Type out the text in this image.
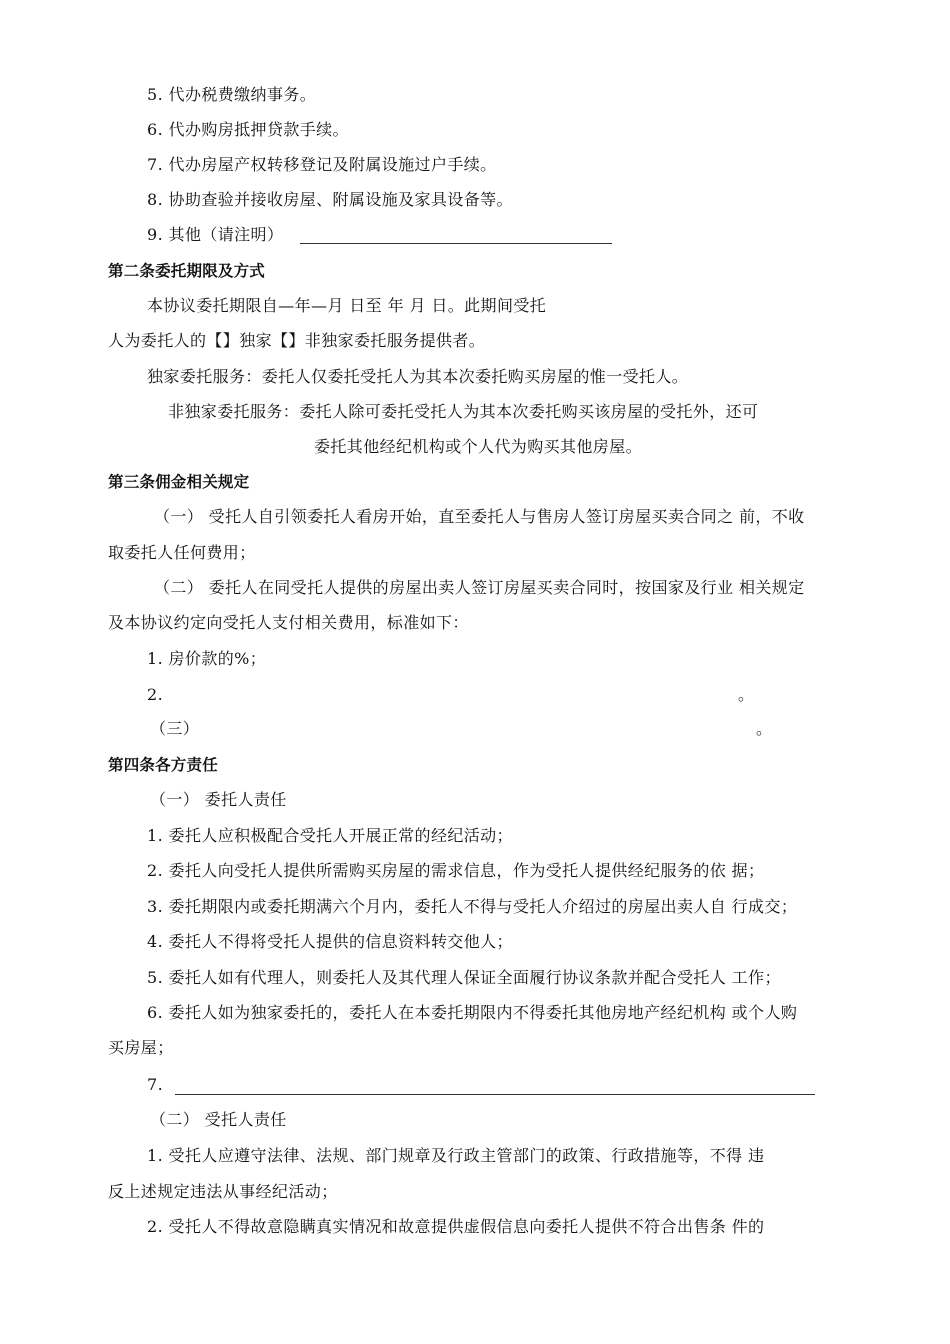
5. 代办税费缴纳事务。
6. 代办购房抵押贷款手续。
7. 代办房屋产权转移登记及附属设施过户手续。
8. 协助查验并接收房屋、附属设施及家具设备等。
9. 其他（请注明）
第二条委托期限及方式
本协议委托期限自—年—月 日至 年 月 日。此期间受托
人为委托人的【】独家【】非独家委托服务提供者。
独家委托服务：委托人仅委托受托人为其本次委托购买房屋的惟一受托人。
非独家委托服务：委托人除可委托受托人为其本次委托购买该房屋的受托外，还可
委托其他经纪机构或个人代为购买其他房屋。
第三条佣金相关规定
（一） 受托人自引领委托人看房开始，直至委托人与售房人签订房屋买卖合同之 前，不收
取委托人任何费用；
（二） 委托人在同受托人提供的房屋出卖人签订房屋买卖合同时，按国家及行业 相关规定
及本协议约定向受托人支付相关费用，标准如下：
1. 房价款的%；
2.	。
（三）	。
第四条各方责任
（一） 委托人责任
1. 委托人应积极配合受托人开展正常的经纪活动；
2. 委托人向受托人提供所需购买房屋的需求信息，作为受托人提供经纪服务的依 据；
3. 委托期限内或委托期满六个月内，委托人不得与受托人介绍过的房屋出卖人自 行成交；
4. 委托人不得将受托人提供的信息资料转交他人；
5. 委托人如有代理人，则委托人及其代理人保证全面履行协议条款并配合受托人 工作；
6. 委托人如为独家委托的，委托人在本委托期限内不得委托其他房地产经纪机构 或个人购
买房屋；
7.
（二） 受托人责任
1. 受托人应遵守法律、法规、部门规章及行政主管部门的政策、行政措施等，不得 违
反上述规定违法从事经纪活动；
2. 受托人不得故意隐瞒真实情况和故意提供虚假信息向委托人提供不符合出售条 件的
